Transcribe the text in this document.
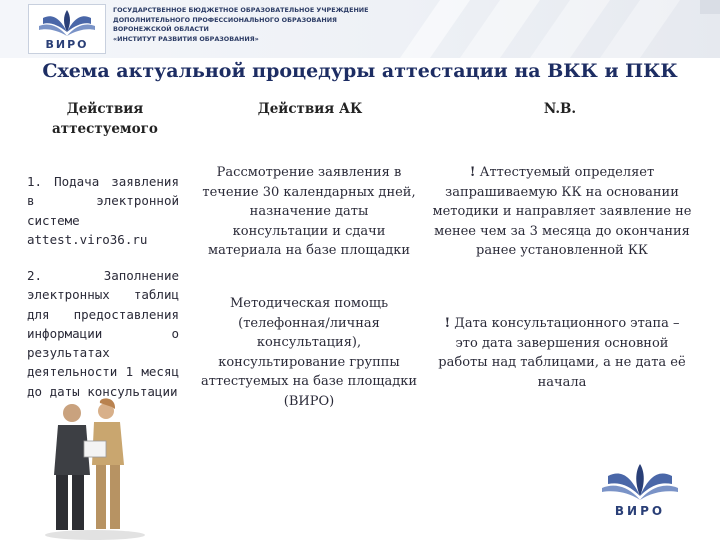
ВИРО
ГОСУДАРСТВЕННОЕ БЮДЖЕТНОЕ ОБРАЗОВАТЕЛЬНОЕ УЧРЕЖДЕНИЕ
ДОПОЛНИТЕЛЬНОГО ПРОФЕССИОНАЛЬНОГО ОБРАЗОВАНИЯ
ВОРОНЕЖСКОЙ ОБЛАСТИ
«ИНСТИТУТ РАЗВИТИЯ ОБРАЗОВАНИЯ»
Схема актуальной процедуры аттестации на ВКК и ПКК
Действия аттестуемого
Действия АК	N.B.
1. Подача заявления в электронной системе attest.viro36.ru
Рассмотрение заявления в течение 30 календарных дней, назначение даты консультации и сдачи материала на базе площадки
! Аттестуемый определяет запрашиваемую КК на основании методики и направляет заявление не менее чем за 3 месяца до окончания ранее установленной КК
2. Заполнение электронных таблиц для предоставления информации о результатах деятельности 1 месяц до даты консультации
Методическая помощь (телефонная/личная консультация), консультирование группы аттестуемых на базе площадки (ВИРО)
! Дата консультационного этапа – это дата завершения основной работы над таблицами, а не дата её начала
ВИРО
